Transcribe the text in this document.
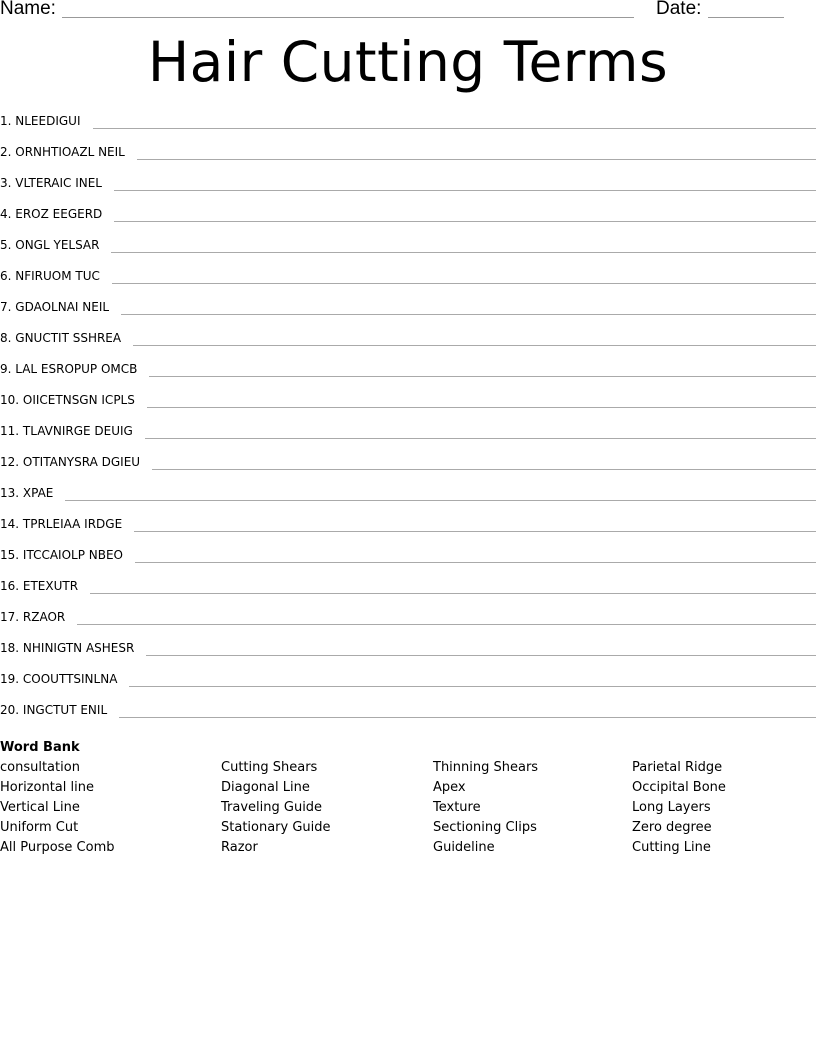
Name:	Date:
Hair Cutting Terms
1. NLEEDIGUI
2. ORNHTIOAZL NEIL
3. VLTERAIC INEL
4. EROZ EEGERD
5. ONGL YELSAR
6. NFIRUOM TUC
7. GDAOLNAI NEIL
8. GNUCTIT SSHREA
9. LAL ESROPUP OMCB
10. OIICETNSGN ICPLS
11. TLAVNIRGE DEUIG
12. OTITANYSRA DGIEU
13. XPAE
14. TPRLEIAA IRDGE
15. ITCCAIOLP NBEO
16. ETEXUTR
17. RZAOR
18. NHINIGTN ASHESR
19. COOUTTSINLNA
20. INGCTUT ENIL
Word Bank
consultation
Horizontal line
Vertical Line
Uniform Cut
All Purpose Comb
Cutting Shears
Diagonal Line
Traveling Guide
Stationary Guide
Razor
Thinning Shears
Apex
Texture
Sectioning Clips
Guideline
Parietal Ridge
Occipital Bone
Long Layers
Zero degree
Cutting Line
